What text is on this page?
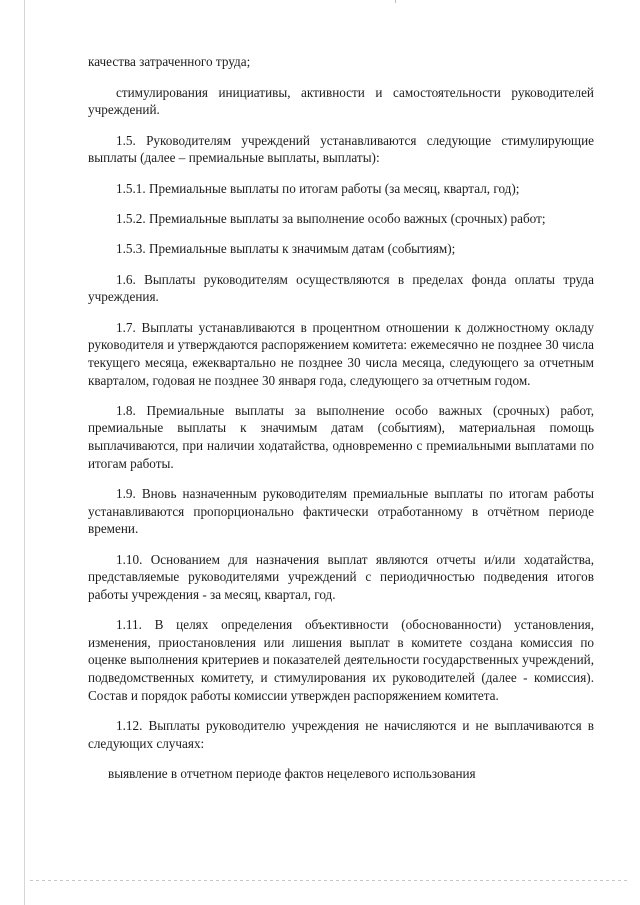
качества затраченного труда;

стимулирования инициативы, активности и самостоятельности руководителей учреждений.

1.5. Руководителям учреждений устанавливаются следующие стимулирующие выплаты (далее – премиальные выплаты, выплаты):

1.5.1. Премиальные выплаты по итогам работы (за месяц, квартал, год);

1.5.2. Премиальные выплаты за выполнение особо важных (срочных) работ;

1.5.3. Премиальные выплаты к значимым датам (событиям);

1.6. Выплаты руководителям осуществляются в пределах фонда оплаты труда учреждения.

1.7. Выплаты устанавливаются в процентном отношении к должностному окладу руководителя и утверждаются распоряжением комитета: ежемесячно не позднее 30 числа текущего месяца, ежеквартально не позднее 30 числа месяца, следующего за отчетным кварталом, годовая не позднее 30 января года, следующего за отчетным годом.

1.8. Премиальные выплаты за выполнение особо важных (срочных) работ, премиальные выплаты к значимым датам (событиям), материальная помощь выплачиваются, при наличии ходатайства, одновременно с премиальными выплатами по итогам работы.

1.9. Вновь назначенным руководителям премиальные выплаты по итогам работы устанавливаются пропорционально фактически отработанному в отчётном периоде времени.

1.10. Основанием для назначения выплат являются отчеты и/или ходатайства, представляемые руководителями учреждений с периодичностью подведения итогов работы учреждения - за месяц, квартал, год.

1.11. В целях определения объективности (обоснованности) установления, изменения, приостановления или лишения выплат в комитете создана комиссия по оценке выполнения критериев и показателей деятельности государственных учреждений, подведомственных комитету, и стимулирования их руководителей (далее - комиссия). Состав и порядок работы комиссии утвержден распоряжением комитета.

1.12. Выплаты руководителю учреждения не начисляются и не выплачиваются в следующих случаях:

выявление в отчетном периоде фактов нецелевого использования
